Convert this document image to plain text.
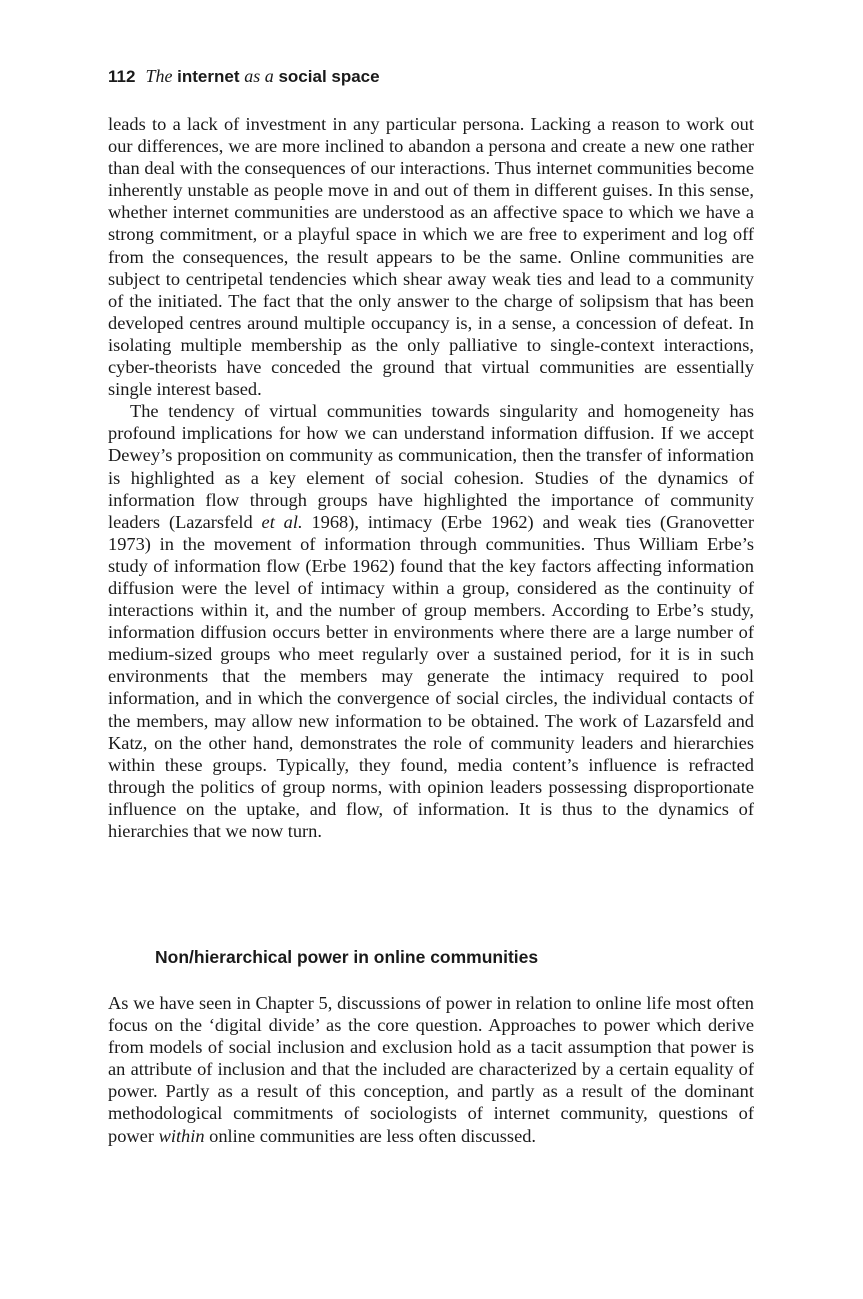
112 The internet as a social space

leads to a lack of investment in any particular persona. Lacking a reason to work out our differences, we are more inclined to abandon a persona and create a new one rather than deal with the consequences of our interactions. Thus internet communities become inherently unstable as people move in and out of them in different guises. In this sense, whether internet communities are understood as an affective space to which we have a strong commitment, or a playful space in which we are free to experiment and log off from the consequences, the result appears to be the same. Online communities are subject to centripetal tendencies which shear away weak ties and lead to a community of the initiated. The fact that the only answer to the charge of solipsism that has been developed centres around multiple occupancy is, in a sense, a concession of defeat. In isolating multiple membership as the only palliative to single-context interactions, cyber-theorists have conceded the ground that virtual communities are essentially single interest based.

The tendency of virtual communities towards singularity and homogeneity has profound implications for how we can understand information diffusion. If we accept Dewey’s proposition on community as communication, then the transfer of information is highlighted as a key element of social cohesion. Studies of the dynamics of information flow through groups have highlighted the importance of community leaders (Lazarsfeld et al. 1968), intimacy (Erbe 1962) and weak ties (Granovetter 1973) in the movement of information through communities. Thus William Erbe’s study of information flow (Erbe 1962) found that the key factors affecting information diffusion were the level of intimacy within a group, considered as the continuity of interactions within it, and the number of group members. According to Erbe’s study, information diffusion occurs better in environments where there are a large number of medium-sized groups who meet regularly over a sustained period, for it is in such environments that the members may generate the intimacy required to pool information, and in which the convergence of social circles, the individual contacts of the members, may allow new information to be obtained. The work of Lazarsfeld and Katz, on the other hand, demonstrates the role of community leaders and hierarchies within these groups. Typically, they found, media content’s influence is refracted through the politics of group norms, with opinion leaders possessing disproportionate influence on the uptake, and flow, of information. It is thus to the dynamics of hierarchies that we now turn.

Non/hierarchical power in online communities

As we have seen in Chapter 5, discussions of power in relation to online life most often focus on the ‘digital divide’ as the core question. Approaches to power which derive from models of social inclusion and exclusion hold as a tacit assumption that power is an attribute of inclusion and that the included are characterized by a certain equality of power. Partly as a result of this conception, and partly as a result of the dominant methodological commitments of sociologists of internet community, questions of power within online communities are less often discussed.
